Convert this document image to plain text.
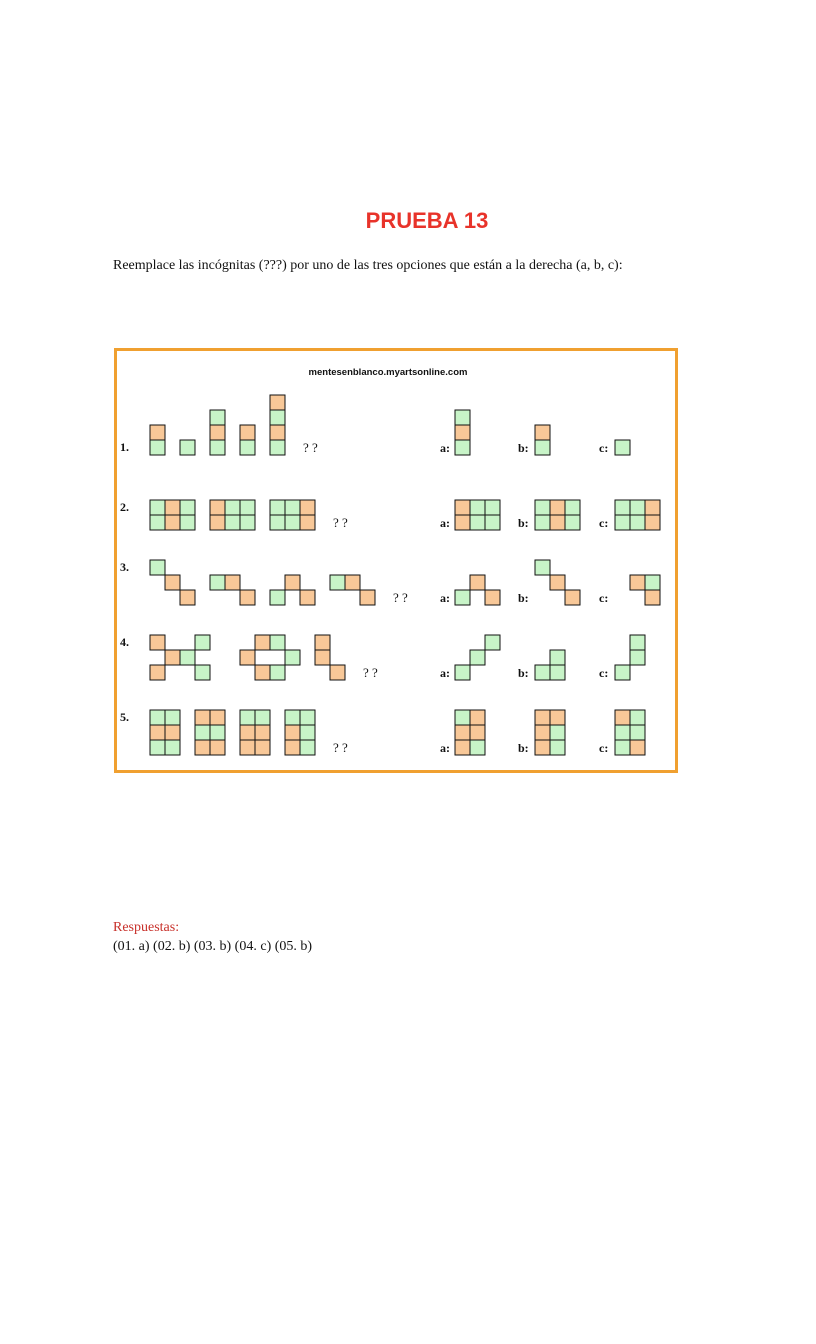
PRUEBA 13

Reemplace las incógnitas (???) por uno de las tres opciones que están a la derecha (a, b, c):

mentesenblanco.myartsonline.com
1.
2.
3.
4.
5.
? ?
? ?
? ?
? ?
? ?
a:	b:	c:
a:	b:	c:
a:	b:	c:
a:	b:	c:
a:	b:	c:

Respuestas:

(01. a) (02. b) (03. b) (04. c) (05. b)
